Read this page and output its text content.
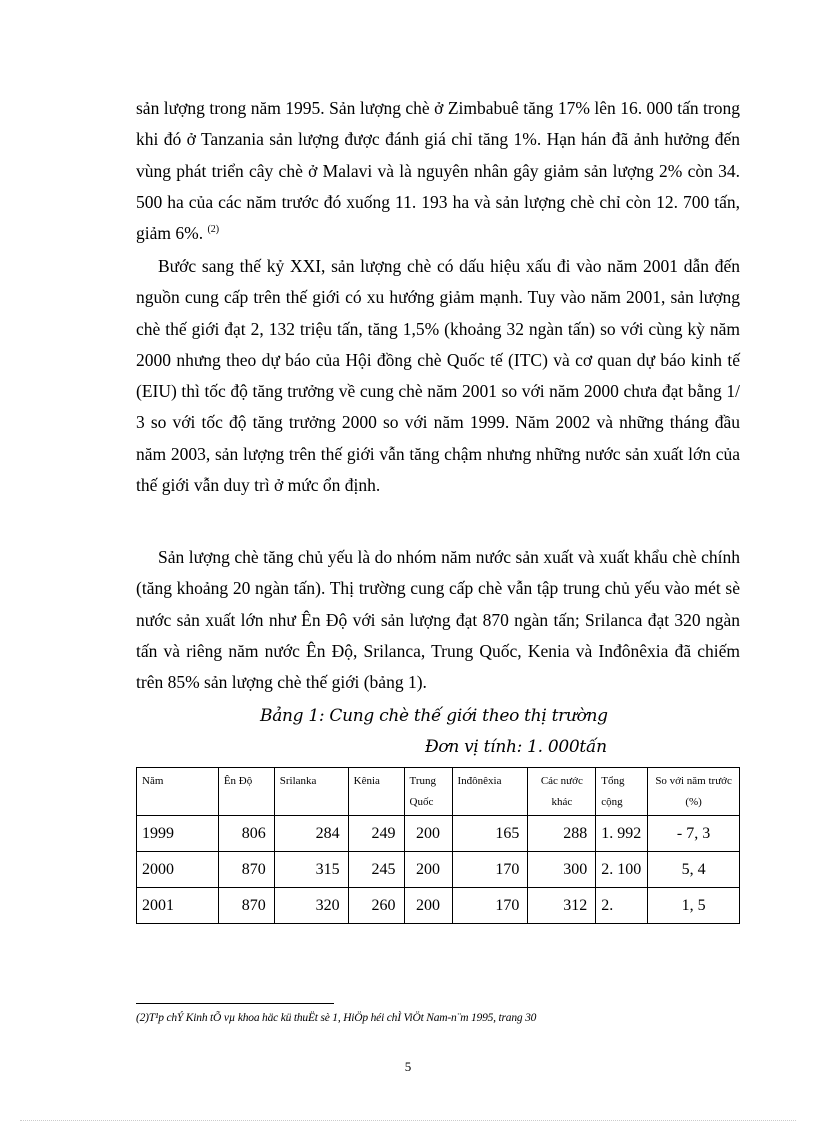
sản lượng trong năm 1995. Sản lượng chè ở Zimbabuê tăng 17% lên 16. 000 tấn trong khi đó ở Tanzania sản lượng được đánh giá chỉ tăng 1%. Hạn hán đã ảnh hưởng đến vùng phát triển cây chè ở Malavi và là nguyên nhân gây giảm sản lượng 2% còn 34. 500 ha của các năm trước đó xuống 11. 193 ha và sản lượng chè chỉ còn 12. 700 tấn, giảm 6%. $^{(2)}$

Bước sang thế kỷ XXI, sản lượng chè có dấu hiệu xấu đi vào năm 2001 dẫn đến nguồn cung cấp trên thế giới có xu hướng giảm mạnh. Tuy vào năm 2001, sản lượng chè thế giới đạt 2, 132 triệu tấn, tăng 1,5% (khoảng 32 ngàn tấn) so với cùng kỳ năm 2000 nhưng theo dự báo của Hội đồng chè Quốc tế (ITC) và cơ quan dự báo kinh tế (EIU) thì tốc độ tăng trưởng về cung chè năm 2001 so với năm 2000 chưa đạt bằng 1/ 3 so với tốc độ tăng trưởng 2000 so với năm 1999. Năm 2002 và những tháng đầu năm 2003, sản lượng trên thế giới vẫn tăng chậm nhưng những nước sản xuất lớn của thế giới vẫn duy trì ở mức ổn định.

Sản lượng chè tăng chủ yếu là do nhóm năm nước sản xuất và xuất khẩu chè chính (tăng khoảng 20 ngàn tấn). Thị trường cung cấp chè vẫn tập trung chủ yếu vào mét sè nước sản xuất lớn như Ên Độ với sản lượng đạt 870 ngàn tấn; Srilanca đạt 320 ngàn tấn và riêng năm nước Ên Độ, Srilanca, Trung Quốc, Kenia và Inđônêxia đã chiếm trên 85% sản lượng chè thế giới (bảng 1).

Bảng 1: Cung chè thế giới theo thị trường
Đơn vị tính: 1. 000tấn
Năm	Ên Độ	Srilanka	Kênia	Trung Quốc	Inđônêxia	Các nước khác	Tổng cộng	So với năm trước (%)
1999	806	284	249	200	165	288	1. 992	- 7, 3
2000	870	315	245	200	170	300	2. 100	5, 4
2001	870	320	260	200	170	312	2.	1, 5
(2)T¹p chÝ Kinh tÕ vµ khoa häc kü thuËt sè 1, HiÖp héi chÌ ViÖt Nam-n¨m 1995, trang 30
5
